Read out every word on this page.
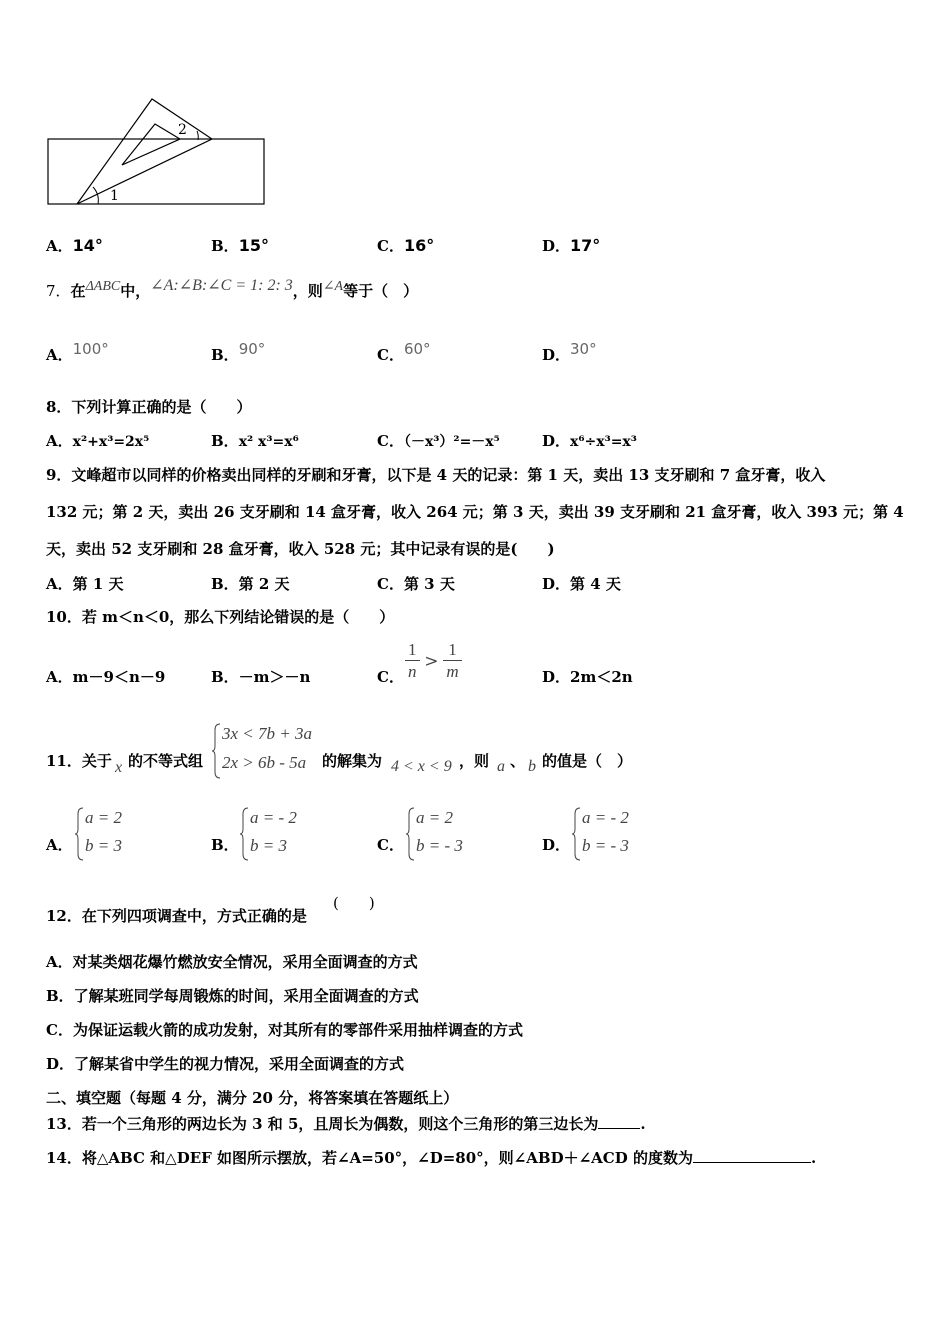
1
2
A．14°	B．15°	C．16°	D．17°
7．在ΔABC中，∠A:∠B:∠C = 1: 2: 3，则∠A等于（　）
A．100°	B．90°	C．60°	D．30°
8．下列计算正确的是（　　）
A．x²+x³=2x⁵	B．x² x³=x⁶	C．（－x³）²=－x⁵	D．x⁶÷x³=x³
9．文峰超市以同样的价格卖出同样的牙刷和牙膏，以下是 4 天的记录：第 1 天，卖出 13 支牙刷和 7 盒牙膏，收入
132 元；第 2 天，卖出 26 支牙刷和 14 盒牙膏，收入 264 元；第 3 天，卖出 39 支牙刷和 21 盒牙膏，收入 393 元；第 4
天，卖出 52 支牙刷和 28 盒牙膏，收入 528 元；其中记录有误的是(　　)
A．第 1 天	B．第 2 天	C．第 3 天	D．第 4 天
10．若 m＜n＜0，那么下列结论错误的是（　　）
A．m－9＜n－9	B．－m＞－n	C． $\frac{1}{n} > \frac{1}{m}$	D．2m＜2n
11．关于 x 的不等式组
3x < 7b + 3a
2x > 6b - 5a 的解集为 4 < x < 9 ，则 a 、 b 的值是（　）
A．
a = 2
b = 3	B．
a = - 2
b = 3	C．
a = 2
b = - 3	D．
a = - 2
b = - 3
12．在下列四项调查中，方式正确的是
(　　)
A．对某类烟花爆竹燃放安全情况，采用全面调查的方式
B．了解某班同学每周锻炼的时间，采用全面调查的方式
C．为保证运载火箭的成功发射，对其所有的零部件采用抽样调查的方式
D．了解某省中学生的视力情况，采用全面调查的方式
二、填空题（每题 4 分，满分 20 分，将答案填在答题纸上）
13．若一个三角形的两边长为 3 和 5，且周长为偶数，则这个三角形的第三边长为	.
14．将△ABC 和△DEF 如图所示摆放，若∠A=50°，∠D=80°，则∠ABD＋∠ACD 的度数为	.
